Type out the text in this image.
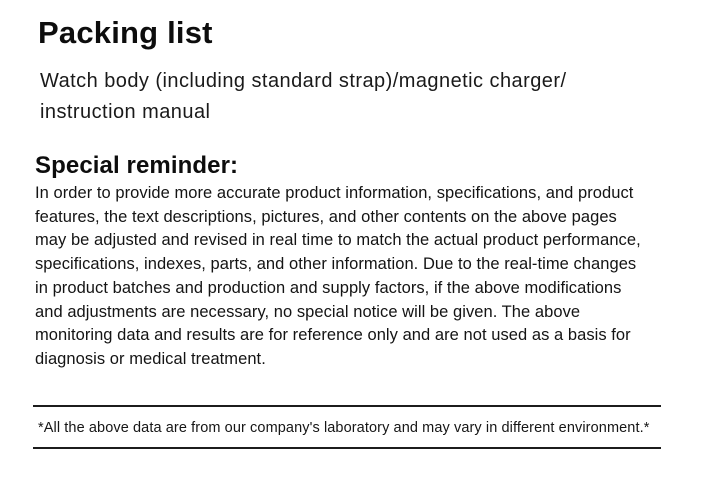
Packing list
Watch body (including standard strap)/magnetic charger/
instruction manual
Special reminder:
In order to provide more accurate product information, specifications, and product
features, the text descriptions, pictures, and other contents on the above pages
may be adjusted and revised in real time to match the actual product performance,
specifications, indexes, parts, and other information. Due to the real-time changes
in product batches and production and supply factors, if the above modifications
and adjustments are necessary, no special notice will be given. The above
monitoring data and results are for reference only and are not used as a basis for
diagnosis or medical treatment.
*All the above data are from our company's laboratory and may vary in different environment.*
